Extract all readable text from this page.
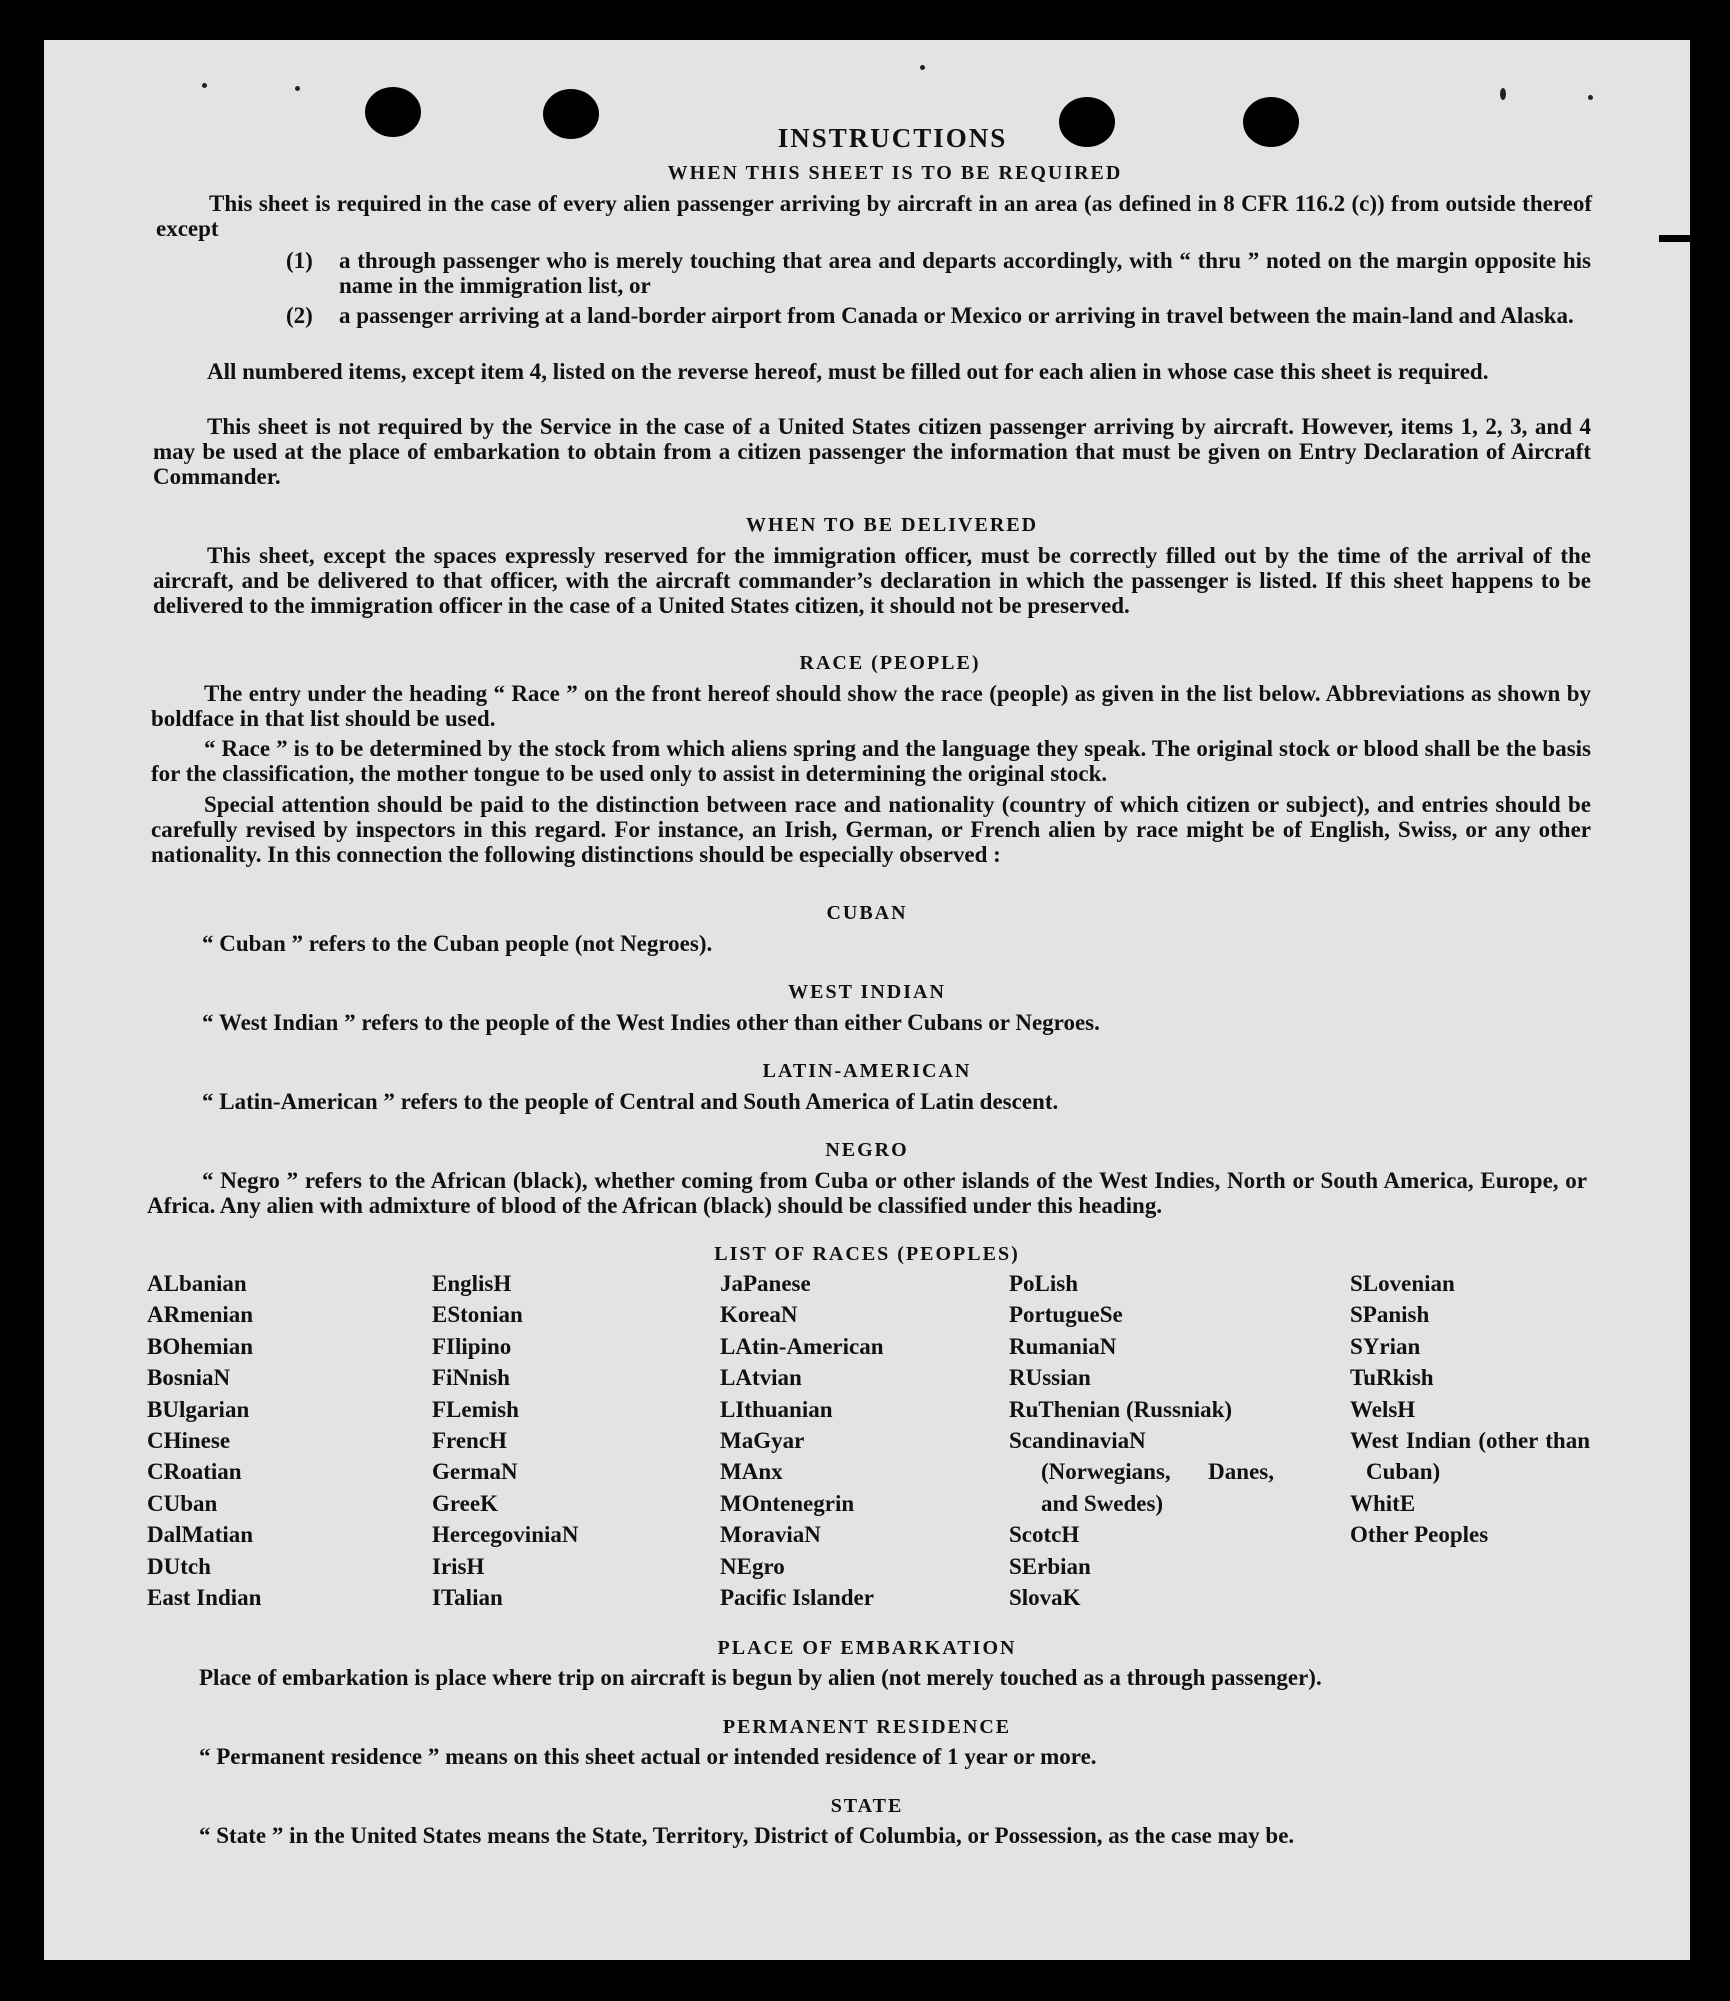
INSTRUCTIONS
WHEN THIS SHEET IS TO BE REQUIRED

This sheet is required in the case of every alien passenger arriving by aircraft in an area (as defined in 8 CFR 116.2 (c)) from outside thereof except

(1) a through passenger who is merely touching that area and departs accordingly, with “ thru ” noted on the margin opposite his name in the immigration list, or

(2) a passenger arriving at a land-border airport from Canada or Mexico or arriving in travel between the main-land and Alaska.

All numbered items, except item 4, listed on the reverse hereof, must be filled out for each alien in whose case this sheet is required.

This sheet is not required by the Service in the case of a United States citizen passenger arriving by aircraft. However, items 1, 2, 3, and 4 may be used at the place of embarkation to obtain from a citizen passenger the information that must be given on Entry Declaration of Aircraft Commander.

WHEN TO BE DELIVERED

This sheet, except the spaces expressly reserved for the immigration officer, must be correctly filled out by the time of the arrival of the aircraft, and be delivered to that officer, with the aircraft commander’s declaration in which the passenger is listed. If this sheet happens to be delivered to the immigration officer in the case of a United States citizen, it should not be preserved.

RACE (PEOPLE)

The entry under the heading “ Race ” on the front hereof should show the race (people) as given in the list below. Abbreviations as shown by boldface in that list should be used.

“ Race ” is to be determined by the stock from which aliens spring and the language they speak. The original stock or blood shall be the basis for the classification, the mother tongue to be used only to assist in determining the original stock.

Special attention should be paid to the distinction between race and nationality (country of which citizen or subject), and entries should be carefully revised by inspectors in this regard. For instance, an Irish, German, or French alien by race might be of English, Swiss, or any other nationality. In this connection the following distinctions should be especially observed :

CUBAN

“ Cuban ” refers to the Cuban people (not Negroes).

WEST INDIAN

“ West Indian ” refers to the people of the West Indies other than either Cubans or Negroes.

LATIN-AMERICAN

“ Latin-American ” refers to the people of Central and South America of Latin descent.

NEGRO

“ Negro ” refers to the African (black), whether coming from Cuba or other islands of the West Indies, North or South America, Europe, or Africa. Any alien with admixture of blood of the African (black) should be classified under this heading.

LIST OF RACES (PEOPLES)
ALbanian
ARmenian
BOhemian
BosniaN
BUlgarian
CHinese
CRoatian
CUban
DalMatian
DUtch
East Indian
EnglisH
EStonian
FIlipino
FiNnish
FLemish
FrencH
GermaN
GreeK
HercegoviniaN
IrisH
ITalian
JaPanese
KoreaN
LAtin-American
LAtvian
LIthuanian
MaGyar
MAnx
MOntenegrin
MoraviaN
NEgro
Pacific Islander
PoLish
PortugueSe
RumaniaN
RUssian
RuThenian (Russniak)
ScandinaviaN (Norwegians, Danes, and Swedes)
ScotcH
SErbian
SlovaK
SLovenian
SPanish
SYrian
TuRkish
WelsH
West Indian (other than Cuban)
WhitE
Other Peoples
PLACE OF EMBARKATION

Place of embarkation is place where trip on aircraft is begun by alien (not merely touched as a through passenger).

PERMANENT RESIDENCE

“ Permanent residence ” means on this sheet actual or intended residence of 1 year or more.

STATE

“ State ” in the United States means the State, Territory, District of Columbia, or Possession, as the case may be.
